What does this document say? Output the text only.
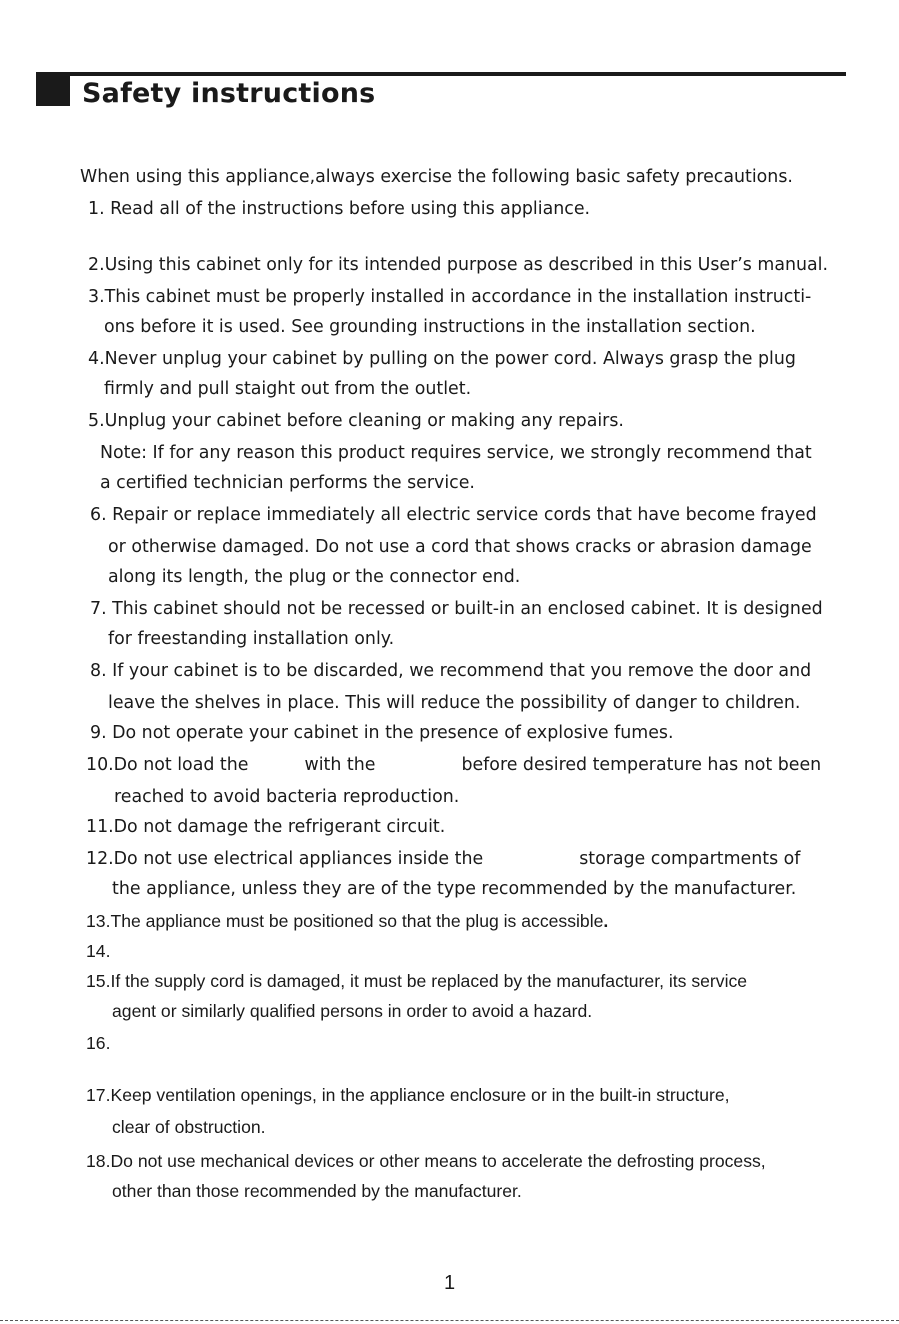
Safety instructions
When using this appliance,always exercise the following basic safety precautions.
1. Read all of the instructions before using this appliance.
2.Using this cabinet only for its intended purpose as described in this User’s manual.
3.This cabinet must be properly installed in accordance in the installation instructi-
ons before it is used. See grounding instructions in the installation section.
4.Never unplug your cabinet by pulling on the power cord. Always grasp the plug
firmly and pull staight out from the outlet.
5.Unplug your cabinet before cleaning or making any repairs.
Note: If for any reason this product requires service, we strongly recommend that
a certified technician performs the service.
6. Repair or replace immediately all electric service cords that have become frayed
or otherwise damaged. Do not use a cord that shows cracks or abrasion damage
along its length, the plug or the connector end.
7. This cabinet should not be recessed or built-in an enclosed cabinet. It is designed
for freestanding installation only.
8. If your cabinet is to be discarded, we recommend that you remove the door and
leave the shelves in place. This will reduce the possibility of danger to children.
9. Do not operate your cabinet in the presence of explosive fumes.
10.Do not load the	with the	before desired temperature has not been
reached to avoid bacteria reproduction.
11.Do not damage the refrigerant circuit.
12.Do not use electrical appliances inside the	storage compartments of
the appliance, unless they are of the type recommended by the manufacturer.
13.The appliance must be positioned so that the plug is accessible.
14.
15.If the supply cord is damaged, it must be replaced by the manufacturer, its service
agent or similarly qualified persons in order to avoid a hazard.
16.
17.Keep ventilation openings, in the appliance enclosure or in the built-in structure,
clear of obstruction.
18.Do not use mechanical devices or other means to accelerate the defrosting process,
other than those recommended by the manufacturer.
1
